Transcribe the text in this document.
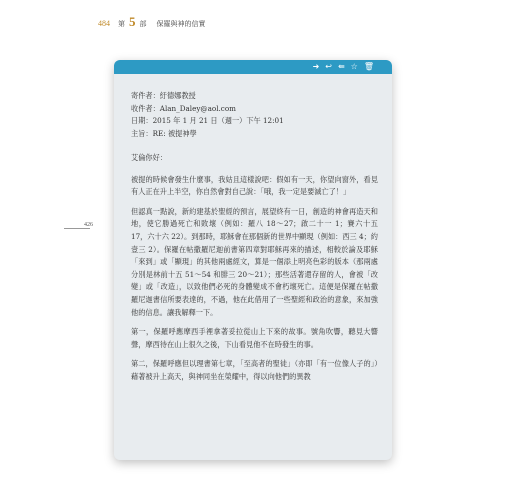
484 第 5 部 保羅與神的信實
426
➜ ↩ ⇚ ☆ 🗑
寄件者： 紆德娜教授
收件者： Alan_Daley@aol.com
日期： 2015 年 1 月 21 日（週一）下午 12:01
主旨： RE: 被提神學

艾倫你好：

被提的時候會發生什麼事，我姑且這樣說吧：假如有一天，你望向窗外，看見有人正在升上半空，你自然會對自己說：「哦，我一定是要滅亡了！」

但認真一點說，新約建基於聖經的預言，展望終有一日，創造的神會再造天和地，使它勝過死亡和敗壞（例如：羅八 18～27；啟二十一 1；賽六十五 17，六十六 22）。到那時，耶穌會在那個新的世界中顯現（例如：西三 4；約壹三 2）。保羅在帖撒羅尼迦前書第四章對耶穌再來的描述，相較於論及耶穌「來到」或「顯現」的其他兩處經文，算是一個添上明亮色彩的版本（那兩處分別是林前十五 51～54 和腓三 20～21）；那些活著還存留的人，會被「改變」或「改造」，以致他們必死的身體變成不會朽壞死亡。這便是保羅在帖撒羅尼迦書信所要表達的，不過，他在此借用了一些聖經和政治的意象，來加強他的信息。讓我解釋一下。

第一，保羅呼應摩西手裡拿著妥拉從山上下來的故事。號角吹響，聽見大響聲，摩西待在山上很久之後，下山看見他不在時發生的事。

第二，保羅呼應但以理書第七章，「至高者的聖徒」（亦即「有一位像人子的」）藉著被升上高天，與神同坐在榮耀中，得以向他們的異教
